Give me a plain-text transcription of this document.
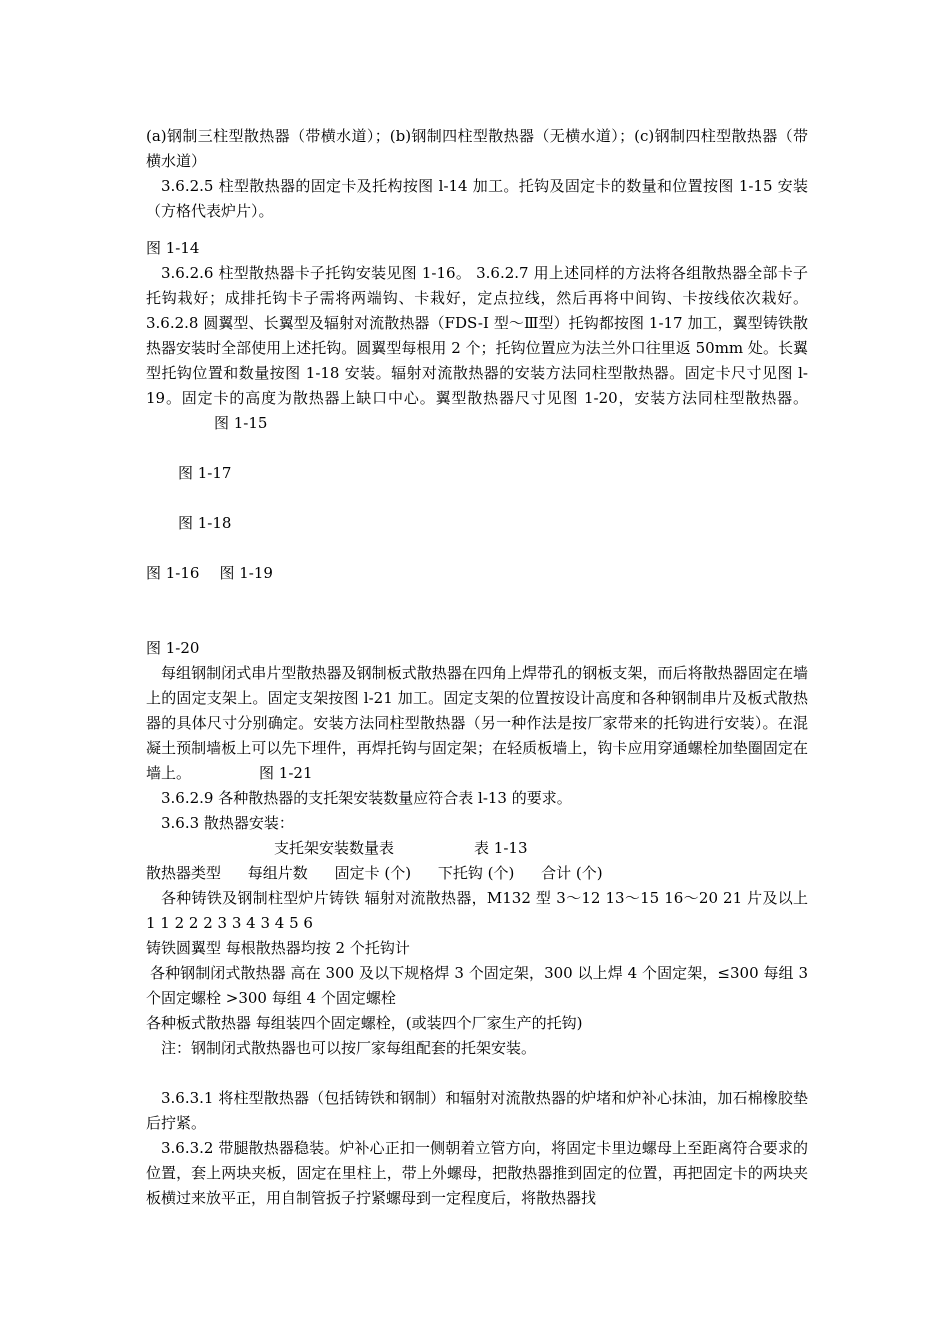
(a)钢制三柱型散热器（带横水道）；(b)钢制四柱型散热器（无横水道）；(c)钢制四柱型散热器（带横水道）

3.6.2.5 柱型散热器的固定卡及托构按图 l-14 加工。托钩及固定卡的数量和位置按图 1-15 安装（方格代表炉片）。

图 1-14

3.6.2.6 柱型散热器卡子托钩安装见图 1-16。 3.6.2.7 用上述同样的方法将各组散热器全部卡子托钩栽好；成排托钩卡子需将两端钩、卡栽好，定点拉线，然后再将中间钩、卡按线依次栽好。 3.6.2.8 圆翼型、长翼型及辐射对流散热器（FDS-Ⅰ 型～Ⅲ型）托钩都按图 1-17 加工，翼型铸铁散热器安装时全部使用上述托钩。圆翼型每根用 2 个；托钩位置应为法兰外口往里返 50mm 处。长翼型托钩位置和数量按图 1-18 安装。辐射对流散热器的安装方法同柱型散热器。固定卡尺寸见图 l-19。固定卡的高度为散热器上缺口中心。翼型散热器尺寸见图 1-20，安装方法同柱型散热器。图 1-15

图 1-17

图 1-18

图 1-16 图 1-19

图 1-20

每组钢制闭式串片型散热器及钢制板式散热器在四角上焊带孔的钢板支架，而后将散热器固定在墙上的固定支架上。固定支架按图 l-21 加工。固定支架的位置按设计高度和各种钢制串片及板式散热器的具体尺寸分别确定。安装方法同柱型散热器（另一种作法是按厂家带来的托钩进行安装）。在混凝土预制墙板上可以先下埋件，再焊托钩与固定架；在轻质板墙上，钩卡应用穿通螺栓加垫圈固定在墙上。	图 1-21

3.6.2.9 各种散热器的支托架安装数量应符合表 l-13 的要求。

3.6.3 散热器安装：

支托架安装数量表	表 1-13

散热器类型 每组片数 固定卡 (个) 下托钩 (个) 合计 (个)

各种铸铁及钢制柱型炉片铸铁 辐射对流散热器，M132 型 3～12 13～15 16～20 21 片及以上 1 1 2 2 2 3 3 4 3 4 5 6

铸铁圆翼型 每根散热器均按 2 个托钩计

各种钢制闭式散热器 高在 300 及以下规格焊 3 个固定架，300 以上焊 4 个固定架，≤300 每组 3 个固定螺栓 >300 每组 4 个固定螺栓

各种板式散热器 每组装四个固定螺栓，(或装四个厂家生产的托钩)

注：钢制闭式散热器也可以按厂家每组配套的托架安装。

3.6.3.1 将柱型散热器（包括铸铁和钢制）和辐射对流散热器的炉堵和炉补心抹油，加石棉橡胶垫后拧紧。

3.6.3.2 带腿散热器稳装。炉补心正扣一侧朝着立管方向，将固定卡里边螺母上至距离符合要求的位置，套上两块夹板，固定在里柱上，带上外螺母，把散热器推到固定的位置，再把固定卡的两块夹板横过来放平正，用自制管扳子拧紧螺母到一定程度后，将散热器找
